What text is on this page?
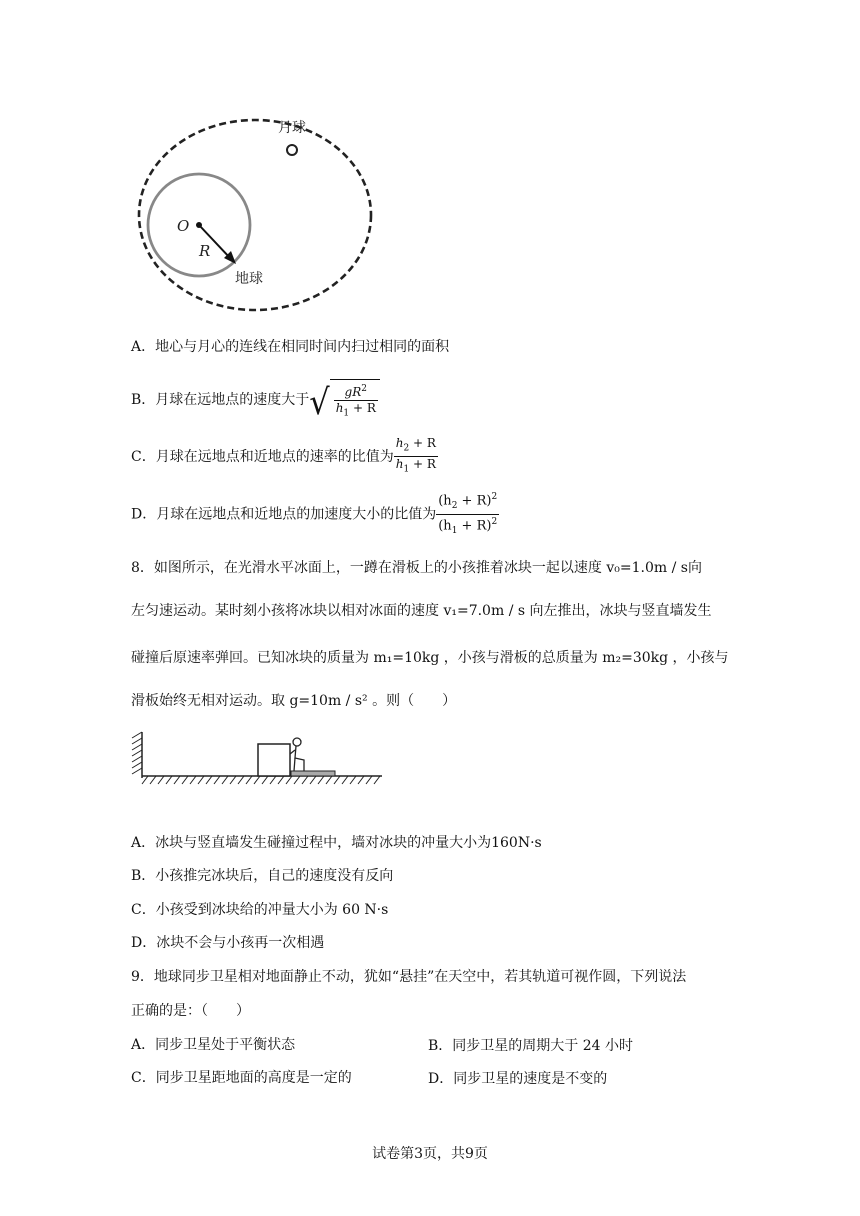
月球
地球
O
R
A．地心与月心的连线在相同时间内扫过相同的面积
B．月球在远地点的速度大于√ $\frac{gR^2}{h_1 + R}$
C．月球在远地点和近地点的速率的比值为 $\frac{h_2 + R}{h_1 + R}$
D．月球在远地点和近地点的加速度大小的比值为 $\frac{(h_2 + R)^2}{(h_1 + R)^2}$
8．如图所示，在光滑水平冰面上，一蹲在滑板上的小孩推着冰块一起以速度 v₀=1.0m / s向
左匀速运动。某时刻小孩将冰块以相对冰面的速度 v₁=7.0m / s 向左推出，冰块与竖直墙发生
碰撞后原速率弹回。已知冰块的质量为 m₁=10kg ，小孩与滑板的总质量为 m₂=30kg ，小孩与
滑板始终无相对运动。取 g=10m / s² 。则（　　）
A．冰块与竖直墙发生碰撞过程中，墙对冰块的冲量大小为160N·s
B．小孩推完冰块后，自己的速度没有反向
C．小孩受到冰块给的冲量大小为 60 N·s
D．冰块不会与小孩再一次相遇
9．地球同步卫星相对地面静止不动，犹如“悬挂”在天空中，若其轨道可视作圆，下列说法
正确的是：（　　）
A．同步卫星处于平衡状态	B．同步卫星的周期大于 24 小时
C．同步卫星距地面的高度是一定的	D．同步卫星的速度是不变的
试卷第3页，共9页
